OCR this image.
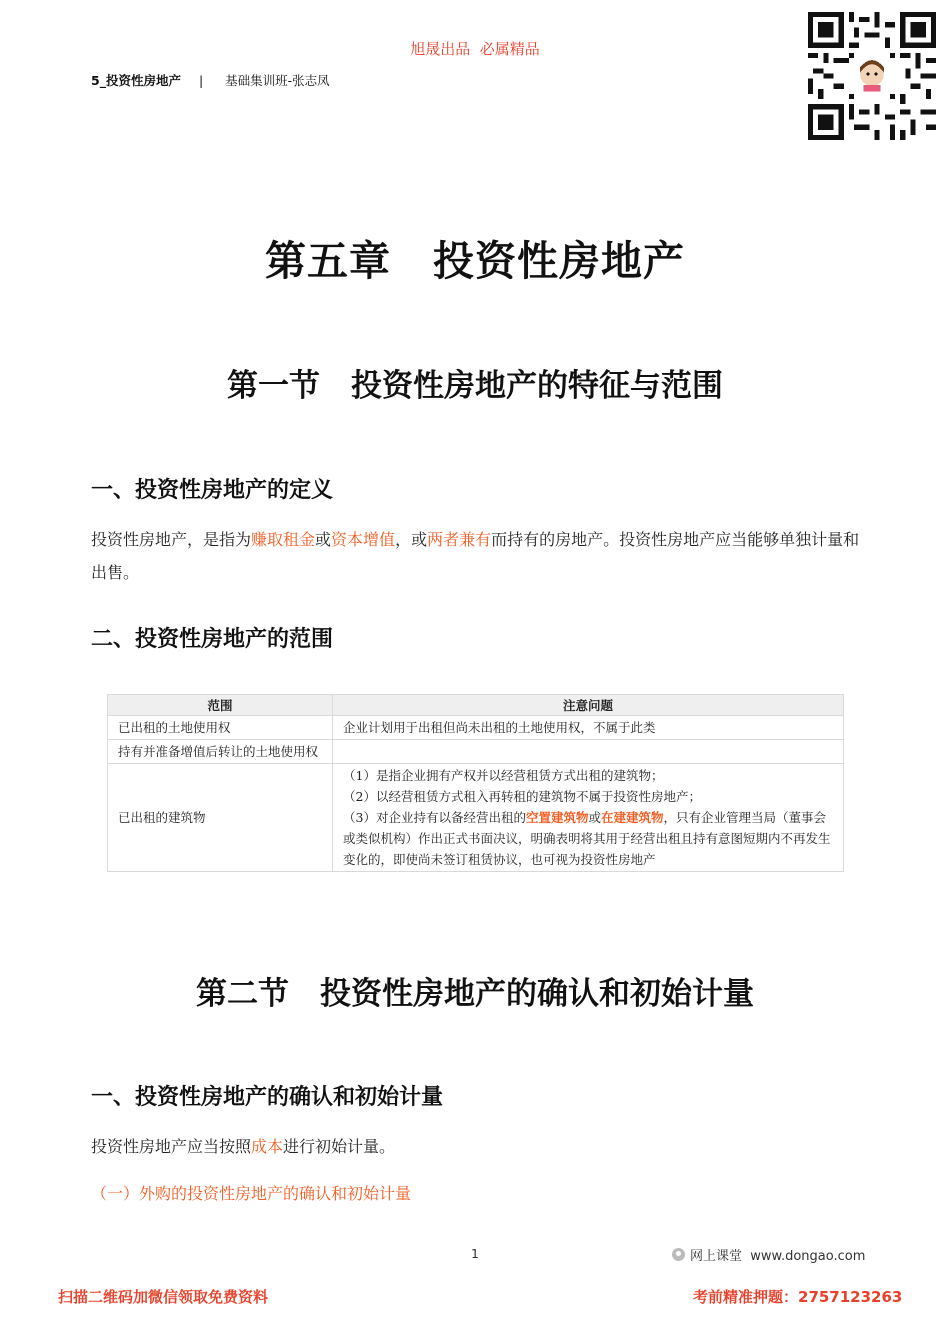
旭晟出品  必属精品
5_投资性房地产 | 基础集训班-张志凤
第五章　投资性房地产
第一节　投资性房地产的特征与范围
一、投资性房地产的定义
投资性房地产，是指为赚取租金或资本增值，或两者兼有而持有的房地产。投资性房地产应当能够单独计量和出售。
二、投资性房地产的范围
范围	注意问题
已出租的土地使用权	企业计划用于出租但尚未出租的土地使用权，不属于此类
持有并准备增值后转让的土地使用权	
已出租的建筑物	（1）是指企业拥有产权并以经营租赁方式出租的建筑物；
（2）以经营租赁方式租入再转租的建筑物不属于投资性房地产；
（3）对企业持有以备经营出租的空置建筑物或在建建筑物，只有企业管理当局（董事会或类似机构）作出正式书面决议，明确表明将其用于经营出租且持有意图短期内不再发生变化的，即使尚未签订租赁协议，也可视为投资性房地产
第二节　投资性房地产的确认和初始计量
一、投资性房地产的确认和初始计量
投资性房地产应当按照成本进行初始计量。
（一）外购的投资性房地产的确认和初始计量
1	网上课堂  www.dongao.com
扫描二维码加微信领取免费资料	考前精准押题：2757123263
